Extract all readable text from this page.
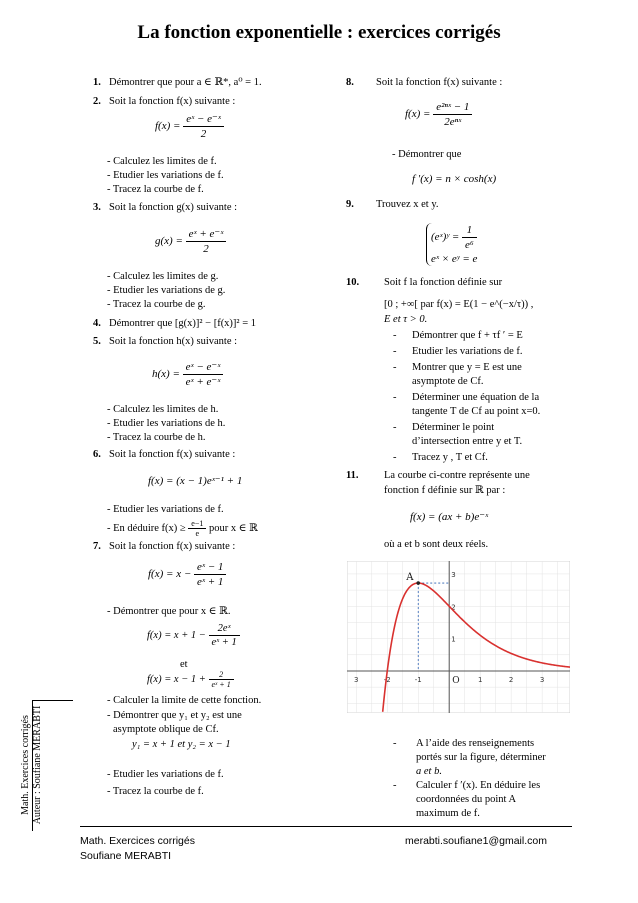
La fonction exponentielle : exercices corrigés
1. Démontrer que pour a ∈ ℝ*, a⁰ = 1.
2. Soit la fonction f(x) suivante :
$f(x) = \frac{\text{eˣ − e⁻ˣ}}{2}$
- Calculez les limites de f.
- Etudier les variations de f.
- Tracez la courbe de f.
3. Soit la fonction g(x) suivante :
$g(x) = \frac{\text{eˣ + e⁻ˣ}}{2}$
- Calculez les limites de g.
- Etudier les variations de g.
- Tracez la courbe de g.
4. Démontrer que [g(x)]² − [f(x)]² = 1
5. Soit la fonction h(x) suivante :
$h(x) = \frac{\text{eˣ − e⁻ˣ}}{\text{eˣ + e⁻ˣ}}$
- Calculez les limites de h.
- Etudier les variations de h.
- Tracez la courbe de h.
6. Soit la fonction f(x) suivante :
f(x) = (x − 1)eˣ⁻¹ + 1
- Etudier les variations de f.
- En déduire $f(x) \ge \frac{e-1}{e}$ pour x ∈ ℝ
7. Soit la fonction f(x) suivante :
$f(x) = x - \frac{\text{eˣ − 1}}{\text{eˣ + 1}}$
- Démontrer que pour x ∈ ℝ.
$f(x) = x + 1 - \frac{\text{2eˣ}}{\text{eˣ + 1}}$
et
$f(x) = x - 1 + \frac{2}{\text{eˣ + 1}}$
- Calculer la limite de cette fonction.
- Démontrer que y₁ et y₂ est une
asymptote oblique de Cf.
y₁ = x + 1 et y₂ = x − 1
- Etudier les variations de f.
- Tracez la courbe de f.
8. Soit la fonction f(x) suivante :
$f(x) = \frac{\text{e²ⁿˣ − 1}}{\text{2eⁿˣ}}$
- Démontrer que
f ′(x) = n × cosh(x)
9. Trouvez x et y.
(eˣ)ʸ = $\frac{1}{\text{e⁶}}$
eˣ × eʸ = e
10. Soit f la fonction définie sur
[0 ; +∞[ par f(x) = E(1 − e^(−x/τ)) ,
E et τ > 0.
- Démontrer que f + τf ′ = E
- Etudier les variations de f.
- Montrer que y = E est une
asymptote de Cf.
- Déterminer une équation de la
tangente T de Cf au point x=0.
- Déterminer le point
d’intersection entre y et T.
- Tracez y , T et Cf.
11. La courbe ci-contre représente une
fonction f définie sur ℝ par :
f(x) = (ax + b)e⁻ˣ
où a et b sont deux réels.
3	-2	-1	1	2	3
3
2
1
O
A
- A l’aide des renseignements
portés sur la figure, déterminer
a et b.
- Calculer f ′(x). En déduire les
coordonnées du point A
maximum de f.
Math. Exercices corrigés Auteur : Soufiane MERABTI
Math. Exercices corrigés
Soufiane MERABTI
merabti.soufiane1@gmail.com
